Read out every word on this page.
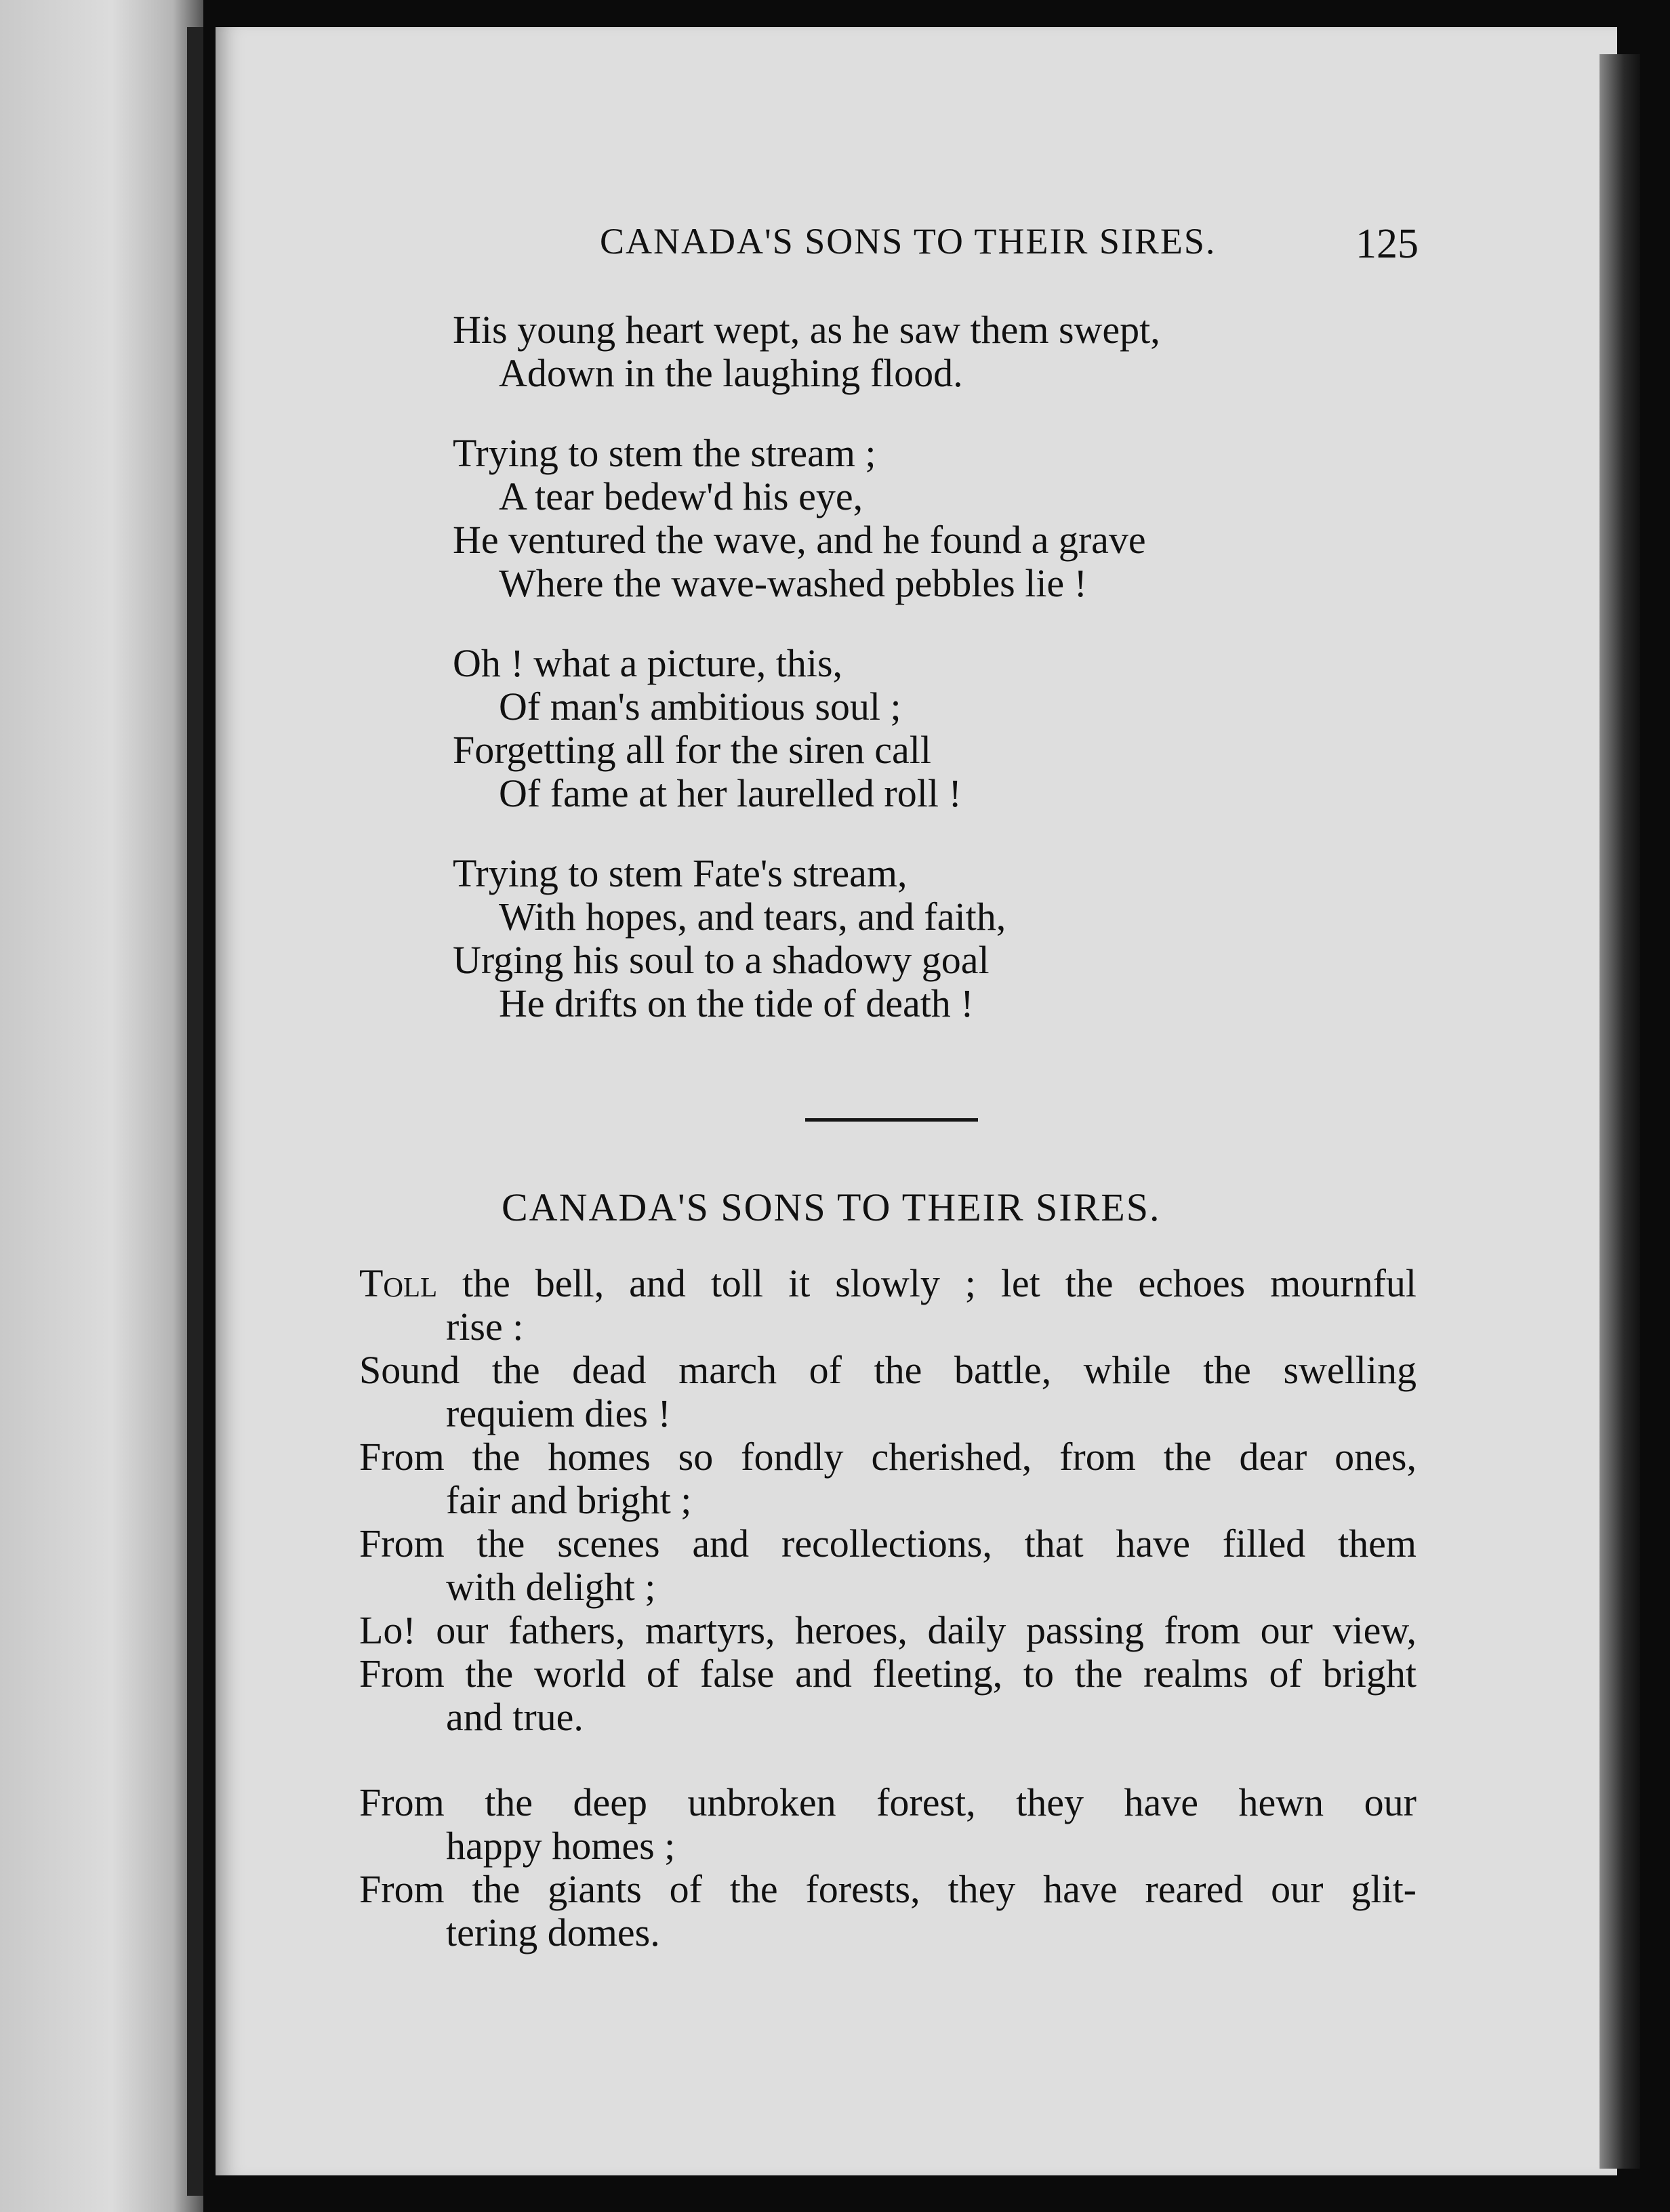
CANADA'S SONS TO THEIR SIRES.	125
His young heart wept, as he saw them swept,
Adown in the laughing flood.
Trying to stem the stream ;
A tear bedew'd his eye,
He ventured the wave, and he found a grave
Where the wave-washed pebbles lie !
Oh ! what a picture, this,
Of man's ambitious soul ;
Forgetting all for the siren call
Of fame at her laurelled roll !
Trying to stem Fate's stream,
With hopes, and tears, and faith,
Urging his soul to a shadowy goal
He drifts on the tide of death !
CANADA'S SONS TO THEIR SIRES.
Toll the bell, and toll it slowly ; let the echoes mournful
rise :
Sound the dead march of the battle, while the swelling
requiem dies !
From the homes so fondly cherished, from the dear ones,
fair and bright ;
From the scenes and recollections, that have filled them
with delight ;
Lo! our fathers, martyrs, heroes, daily passing from our view,
From the world of false and fleeting, to the realms of bright
and true.
From the deep unbroken forest, they have hewn our
happy homes ;
From the giants of the forests, they have reared our glit-
tering domes.
